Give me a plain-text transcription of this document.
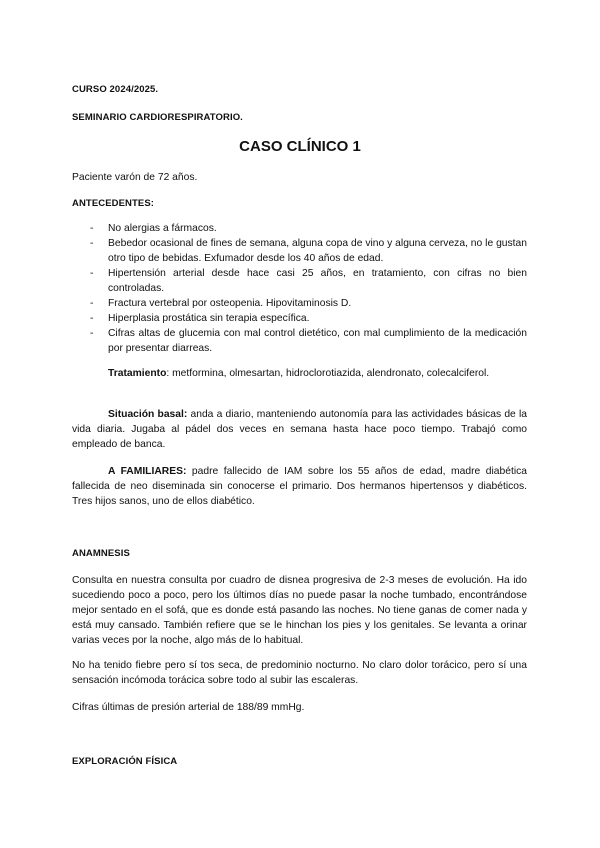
CURSO 2024/2025.

SEMINARIO CARDIORESPIRATORIO.

CASO CLÍNICO 1

Paciente varón de 72 años.

ANTECEDENTES:

- No alergias a fármacos.
- Bebedor ocasional de fines de semana, alguna copa de vino y alguna cerveza, no le gustan otro tipo de bebidas. Exfumador desde los 40 años de edad.
- Hipertensión arterial desde hace casi 25 años, en tratamiento, con cifras no bien controladas.
- Fractura vertebral por osteopenia. Hipovitaminosis D.
- Hiperplasia prostática sin terapia específica.
- Cifras altas de glucemia con mal control dietético, con mal cumplimiento de la medicación por presentar diarreas.

Tratamiento: metformina, olmesartan, hidroclorotiazida, alendronato, colecalciferol.

Situación basal: anda a diario, manteniendo autonomía para las actividades básicas de la vida diaria. Jugaba al pádel dos veces en semana hasta hace poco tiempo. Trabajó como empleado de banca.

A FAMILIARES: padre fallecido de IAM sobre los 55 años de edad, madre diabética fallecida de neo diseminada sin conocerse el primario. Dos hermanos hipertensos y diabéticos. Tres hijos sanos, uno de ellos diabético.

ANAMNESIS

Consulta en nuestra consulta por cuadro de disnea progresiva de 2-3 meses de evolución. Ha ido sucediendo poco a poco, pero los últimos días no puede pasar la noche tumbado, encontrándose mejor sentado en el sofá, que es donde está pasando las noches. No tiene ganas de comer nada y está muy cansado. También refiere que se le hinchan los pies y los genitales. Se levanta a orinar varias veces por la noche, algo más de lo habitual.

No ha tenido fiebre pero sí tos seca, de predominio nocturno. No claro dolor torácico, pero sí una sensación incómoda torácica sobre todo al subir las escaleras.

Cifras últimas de presión arterial de 188/89 mmHg.

EXPLORACIÓN FÍSICA
